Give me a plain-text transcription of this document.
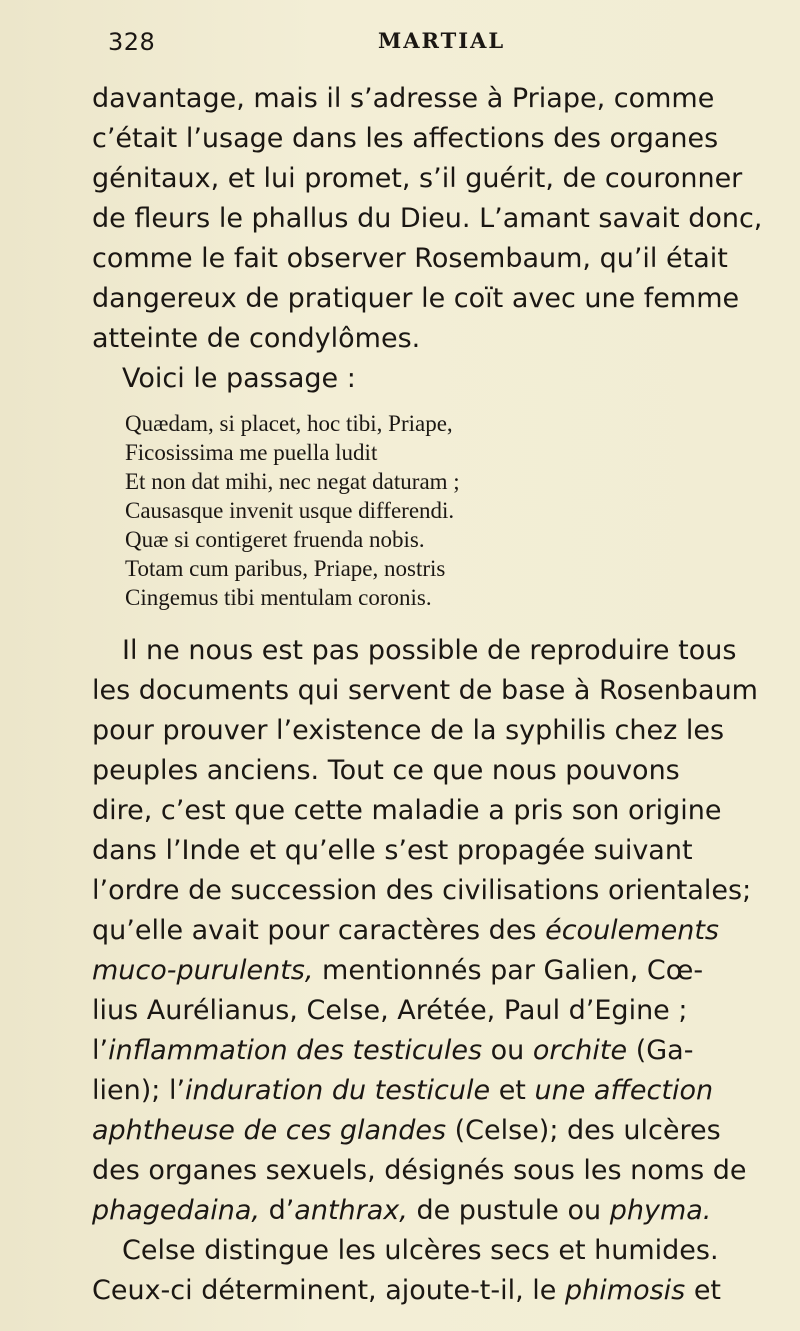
328	MARTIAL
davantage, mais il s’adresse à Priape, comme
c’était l’usage dans les affections des organes
génitaux, et lui promet, s’il guérit, de couronner
de fleurs le phallus du Dieu. L’amant savait donc,
comme le fait observer Rosembaum, qu’il était
dangereux de pratiquer le coït avec une femme
atteinte de condylômes.
Voici le passage :
Quædam, si placet, hoc tibi, Priape,
Ficosissima me puella ludit
Et non dat mihi, nec negat daturam ;
Causasque invenit usque differendi.
Quæ si contigeret fruenda nobis.
Totam cum paribus, Priape, nostris
Cingemus tibi mentulam coronis.
Il ne nous est pas possible de reproduire tous
les documents qui servent de base à Rosenbaum
pour prouver l’existence de la syphilis chez les
peuples anciens. Tout ce que nous pouvons
dire, c’est que cette maladie a pris son origine
dans l’Inde et qu’elle s’est propagée suivant
l’ordre de succession des civilisations orientales;
qu’elle avait pour caractères des écoulements
muco-purulents, mentionnés par Galien, Cœ-
lius Aurélianus, Celse, Arétée, Paul d’Egine ;
l’inflammation des testicules ou orchite (Ga-
lien); l’induration du testicule et une affection
aphtheuse de ces glandes (Celse); des ulcères
des organes sexuels, désignés sous les noms de
phagedaina, d’anthrax, de pustule ou phyma.
Celse distingue les ulcères secs et humides.
Ceux-ci déterminent, ajoute-t-il, le phimosis et
